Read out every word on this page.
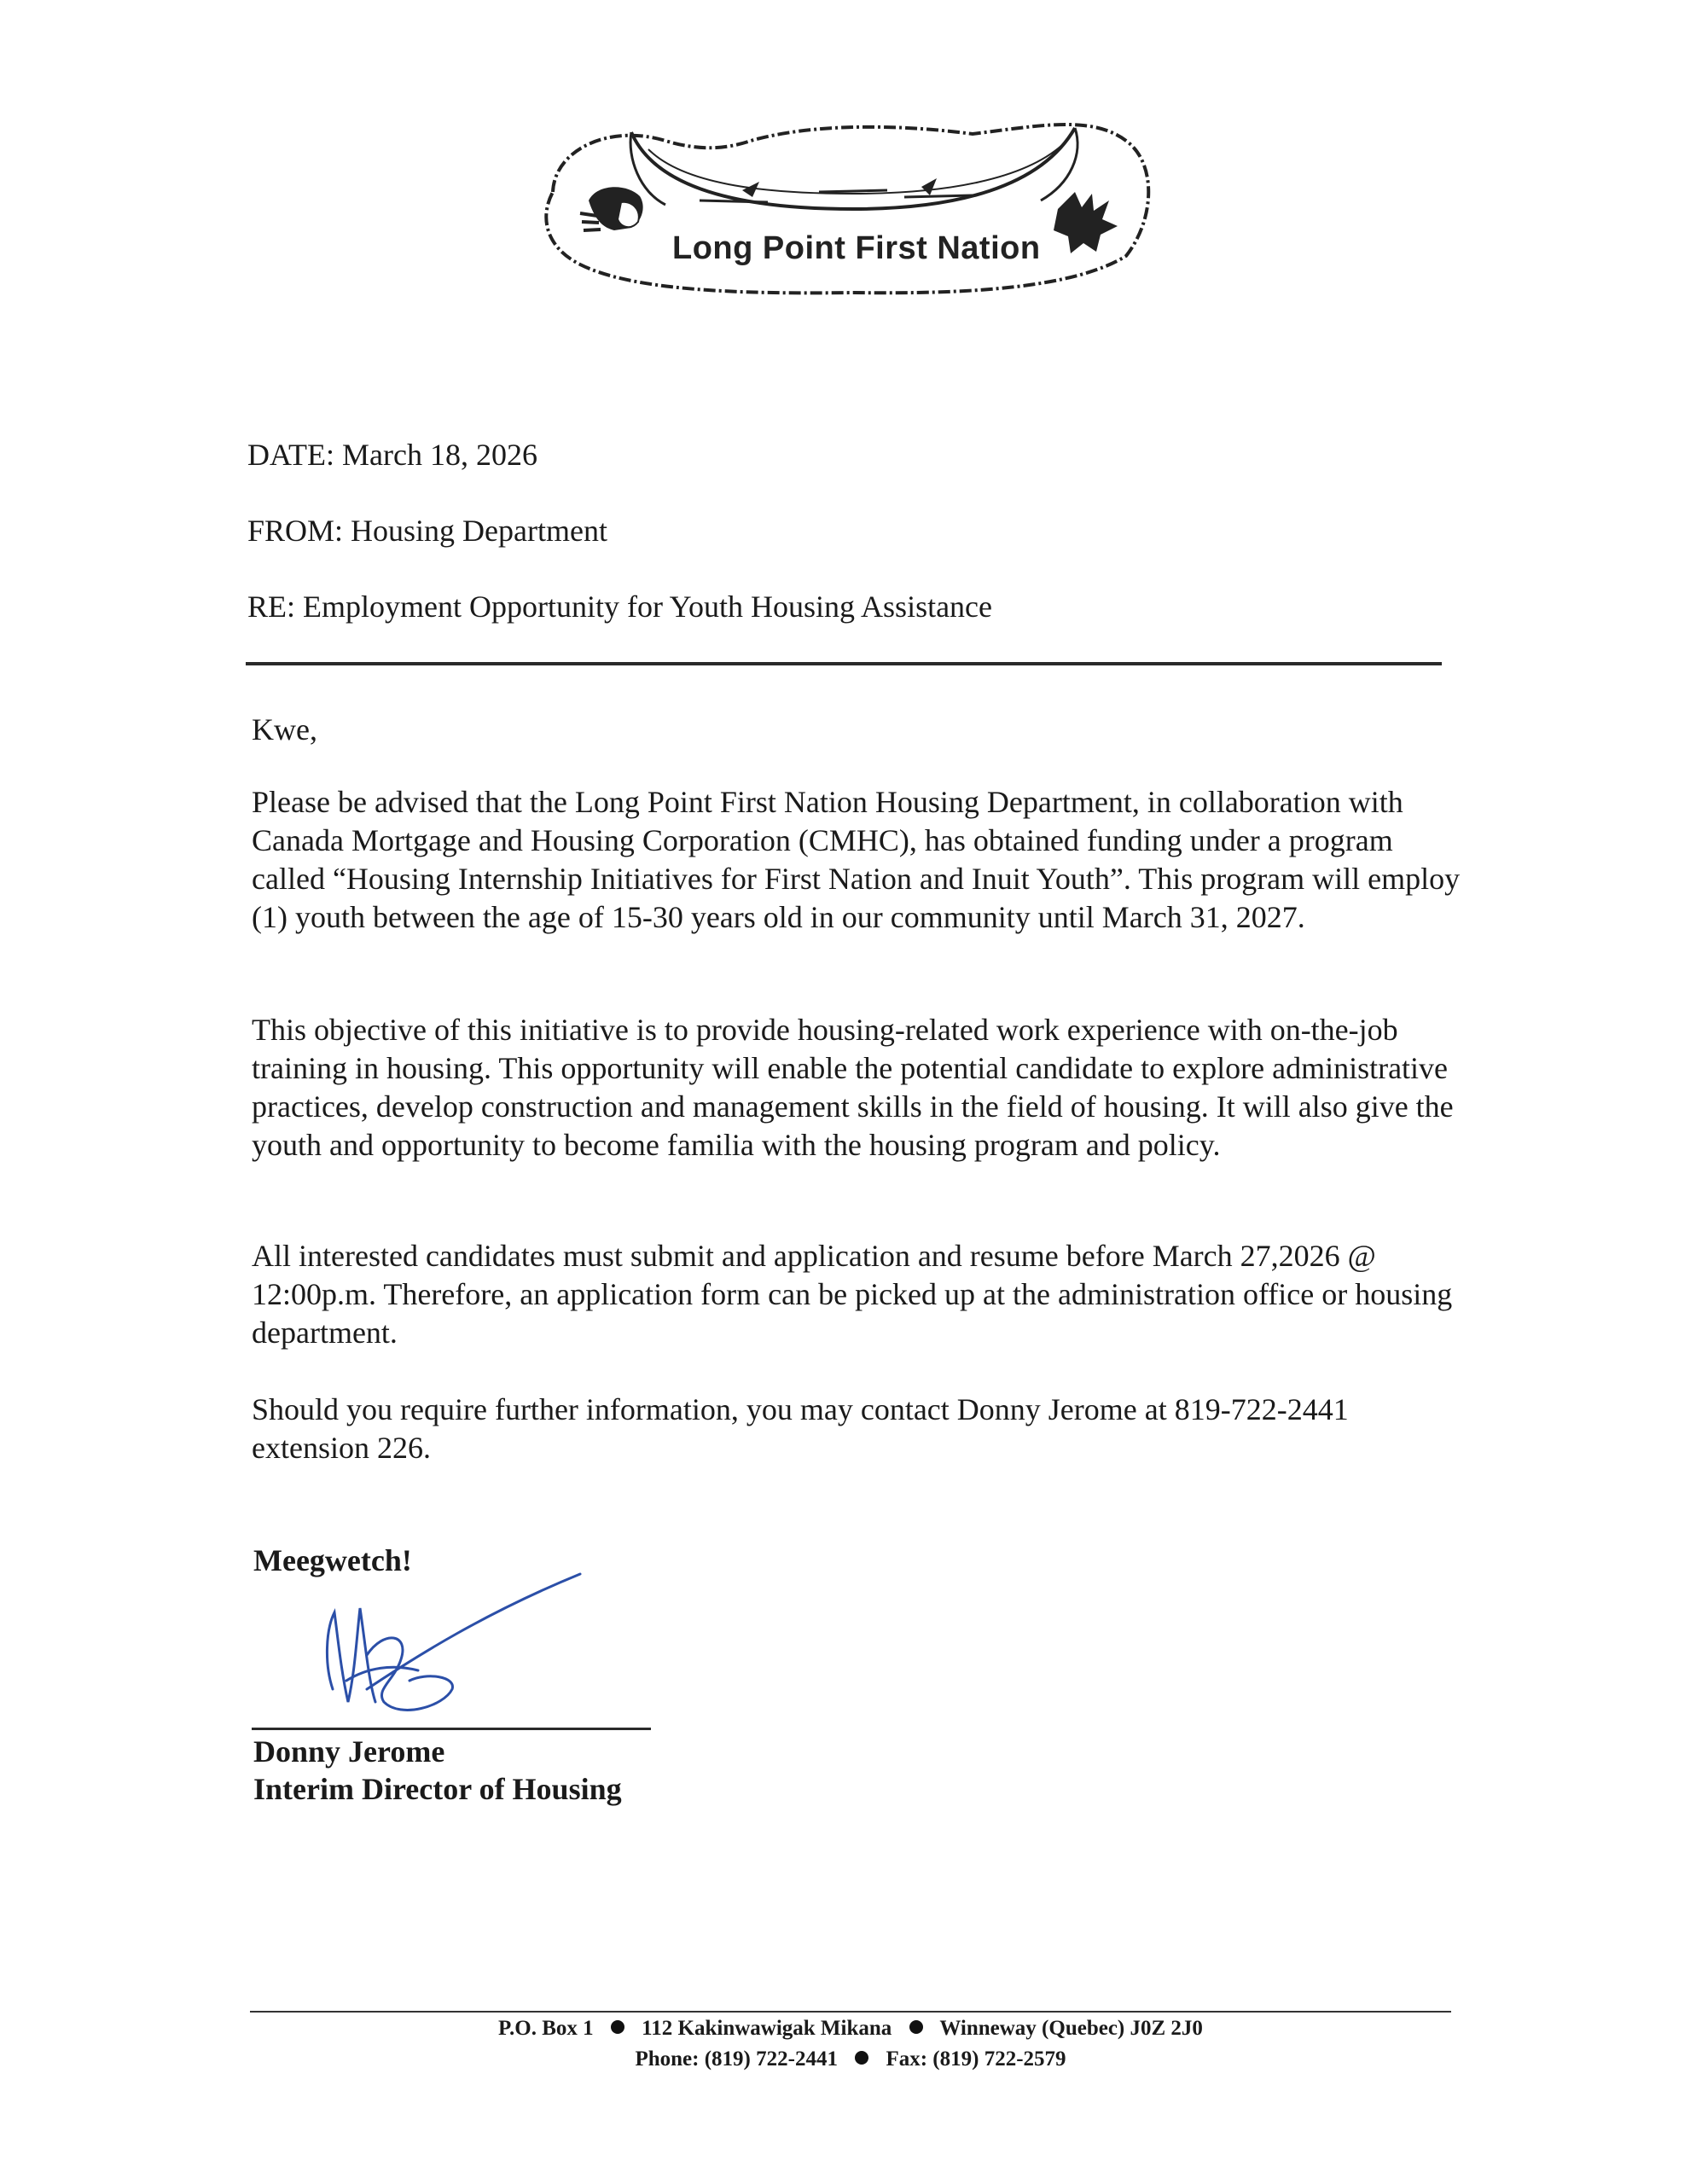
Long Point First Nation
DATE: March 18, 2026
FROM: Housing Department
RE: Employment Opportunity for Youth Housing Assistance
Kwe,

Please be advised that the Long Point First Nation Housing Department, in collaboration with Canada Mortgage and Housing Corporation (CMHC), has obtained funding under a program called “Housing Internship Initiatives for First Nation and Inuit Youth”. This program will employ (1) youth between the age of 15-30 years old in our community until March 31, 2027.

This objective of this initiative is to provide housing-related work experience with on-the-job training in housing. This opportunity will enable the potential candidate to explore administrative practices, develop construction and management skills in the field of housing. It will also give the youth and opportunity to become familia with the housing program and policy.

All interested candidates must submit and application and resume before March 27,2026 @ 12:00p.m. Therefore, an application form can be picked up at the administration office or housing department.

Should you require further information, you may contact Donny Jerome at 819-722-2441 extension 226.

Meegwetch!
Donny Jerome
Interim Director of Housing
P.O. Box 1 112 Kakinwawigak Mikana Winneway (Quebec) J0Z 2J0
Phone: (819) 722-2441 Fax: (819) 722-2579
